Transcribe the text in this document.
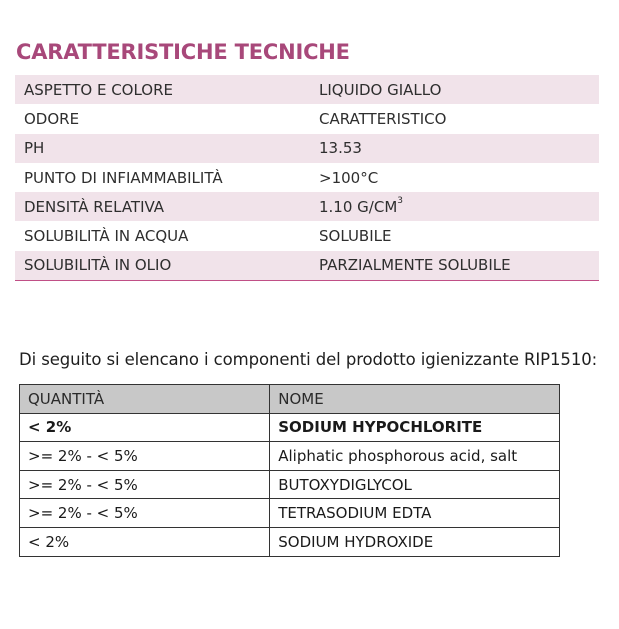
CARATTERISTICHE TECNICHE
ASPETTO E COLORE	LIQUIDO GIALLO
ODORE	CARATTERISTICO
PH	13.53
PUNTO DI INFIAMMABILITÀ	>100°C
DENSITÀ RELATIVA	1.10 $G/CM^3$
SOLUBILITÀ IN ACQUA	SOLUBILE
SOLUBILITÀ IN OLIO	PARZIALMENTE SOLUBILE
Di seguito si elencano i componenti del prodotto igienizzante RIP1510:
QUANTITÀ	NOME
< 2%	SODIUM HYPOCHLORITE
>= 2% - < 5%	Aliphatic phosphorous acid, salt
>= 2% - < 5%	BUTOXYDIGLYCOL
>= 2% - < 5%	TETRASODIUM EDTA
< 2%	SODIUM HYDROXIDE
